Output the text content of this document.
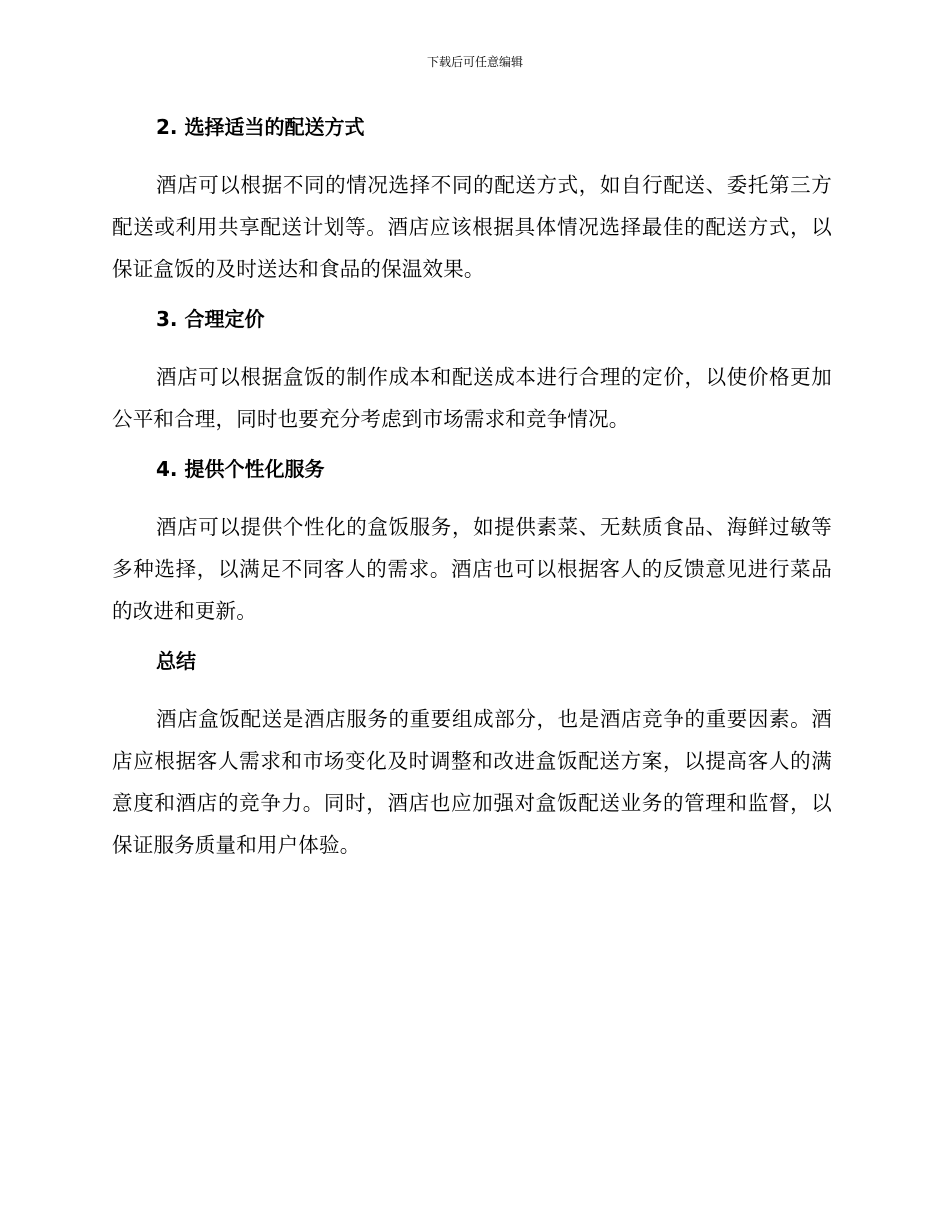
下载后可任意编辑
2. 选择适当的配送方式

酒店可以根据不同的情况选择不同的配送方式，如自行配送、委托第三方配送或利用共享配送计划等。酒店应该根据具体情况选择最佳的配送方式，以保证盒饭的及时送达和食品的保温效果。

3. 合理定价

酒店可以根据盒饭的制作成本和配送成本进行合理的定价，以使价格更加公平和合理，同时也要充分考虑到市场需求和竞争情况。

4. 提供个性化服务

酒店可以提供个性化的盒饭服务，如提供素菜、无麸质食品、海鲜过敏等多种选择，以满足不同客人的需求。酒店也可以根据客人的反馈意见进行菜品的改进和更新。

总结

酒店盒饭配送是酒店服务的重要组成部分，也是酒店竞争的重要因素。酒店应根据客人需求和市场变化及时调整和改进盒饭配送方案，以提高客人的满意度和酒店的竞争力。同时，酒店也应加强对盒饭配送业务的管理和监督，以保证服务质量和用户体验。
